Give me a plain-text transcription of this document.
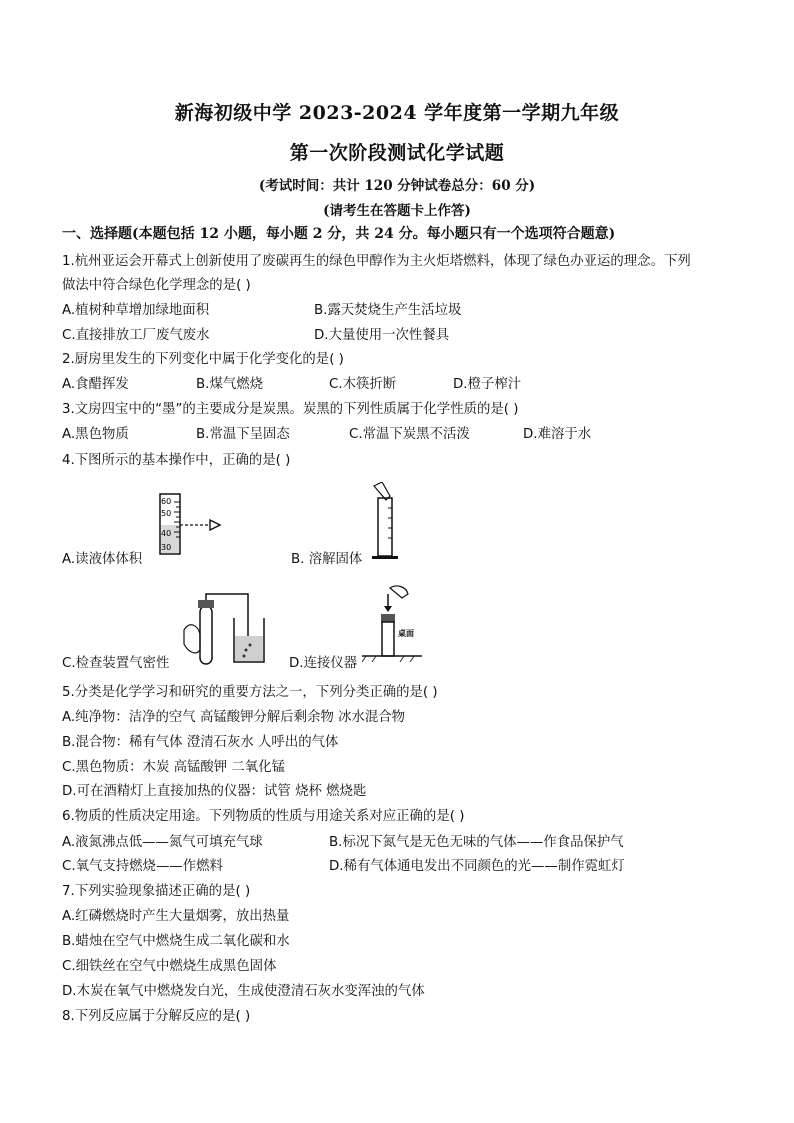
新海初级中学 2023-2024 学年度第一学期九年级
第一次阶段测试化学试题
(考试时间：共计 120 分钟试卷总分：60 分)
(请考生在答题卡上作答)
一、选择题(本题包括 12 小题，每小题 2 分，共 24 分。每小题只有一个选项符合题意)
1.杭州亚运会开幕式上创新使用了废碳再生的绿色甲醇作为主火炬塔燃料，体现了绿色办亚运的理念。下列
做法中符合绿色化学理念的是( )
A.植树种草增加绿地面积	B.露天焚烧生产生活垃圾
C.直接排放工厂废气废水	D.大量使用一次性餐具
2.厨房里发生的下列变化中属于化学变化的是( )
A.食醋挥发	B.煤气燃烧	C.木筷折断	D.橙子榨汁
3.文房四宝中的“墨”的主要成分是炭黑。炭黑的下列性质属于化学性质的是( )
A.黑色物质	B.常温下呈固态	C.常温下炭黑不活泼	D.难溶于水
4.下图所示的基本操作中，正确的是( )
60
50
40
30
A.读液体体积	B. 溶解固体
C.检查装置气密性
桌面
D.连接仪器
5.分类是化学学习和研究的重要方法之一，下列分类正确的是( )
A.纯净物：洁净的空气 高锰酸钾分解后剩余物 冰水混合物
B.混合物：稀有气体 澄清石灰水 人呼出的气体
C.黑色物质：木炭 高锰酸钾 二氧化锰
D.可在酒精灯上直接加热的仪器：试管 烧杯 燃烧匙
6.物质的性质决定用途。下列物质的性质与用途关系对应正确的是( )
A.液氮沸点低——氮气可填充气球	B.标况下氮气是无色无味的气体——作食品保护气
C.氧气支持燃烧——作燃料	D.稀有气体通电发出不同颜色的光——制作霓虹灯
7.下列实验现象描述正确的是( )
A.红磷燃烧时产生大量烟雾，放出热量
B.蜡烛在空气中燃烧生成二氧化碳和水
C.细铁丝在空气中燃烧生成黑色固体
D.木炭在氧气中燃烧发白光，生成使澄清石灰水变浑浊的气体
8.下列反应属于分解反应的是( )
